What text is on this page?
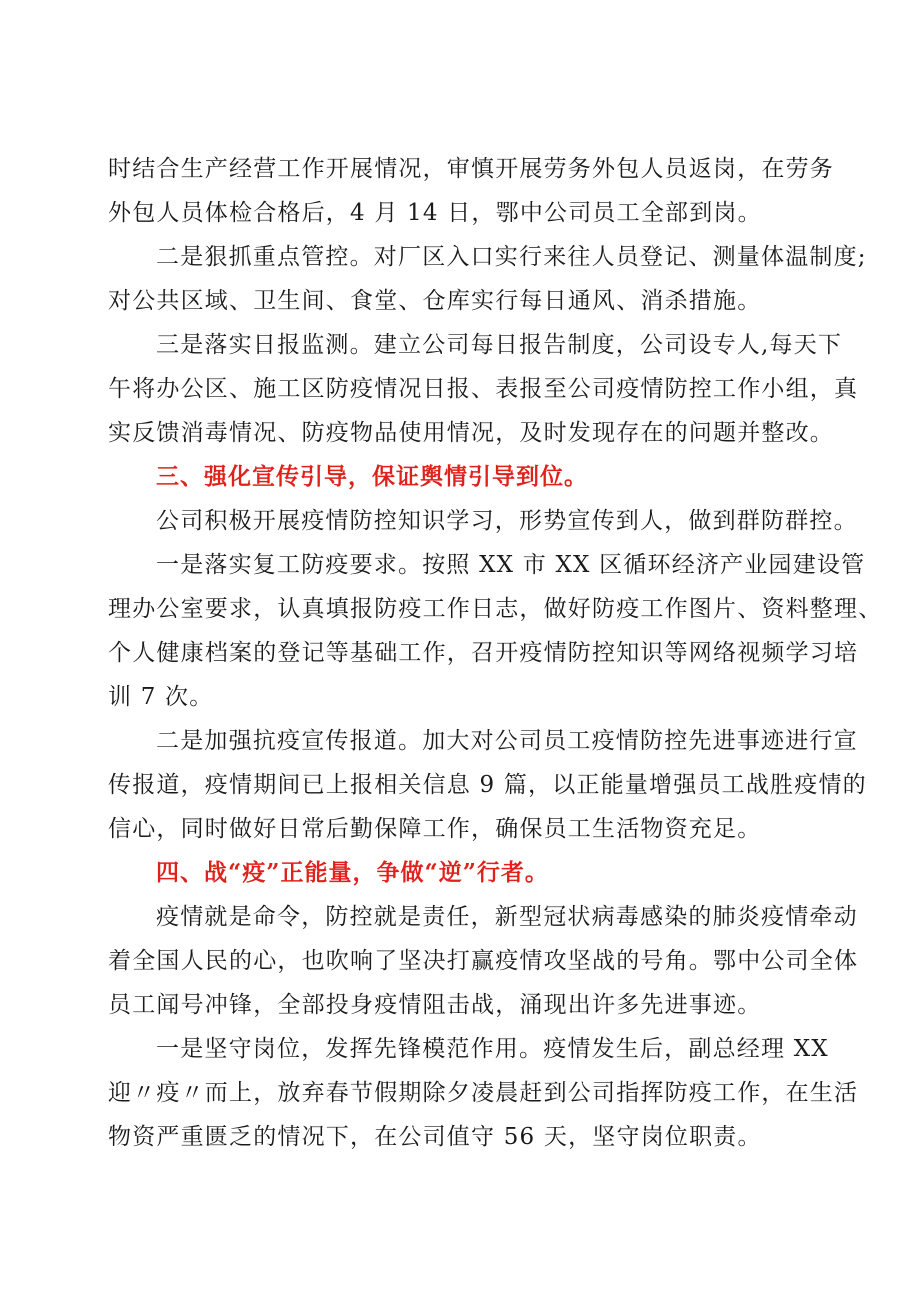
时结合生产经营工作开展情况，审慎开展劳务外包人员返岗，在劳务
外包人员体检合格后，4 月 14 日，鄂中公司员工全部到岗。
二是狠抓重点管控。对厂区入口实行来往人员登记、测量体温制度;
对公共区域、卫生间、食堂、仓库实行每日通风、消杀措施。
三是落实日报监测。建立公司每日报告制度，公司设专人,每天下
午将办公区、施工区防疫情况日报、表报至公司疫情防控工作小组，真
实反馈消毒情况、防疫物品使用情况，及时发现存在的问题并整改。
三、强化宣传引导，保证舆情引导到位。
公司积极开展疫情防控知识学习，形势宣传到人，做到群防群控。
一是落实复工防疫要求。按照 XX 市 XX 区循环经济产业园建设管
理办公室要求，认真填报防疫工作日志，做好防疫工作图片、资料整理、
个人健康档案的登记等基础工作，召开疫情防控知识等网络视频学习培
训 7 次。
二是加强抗疫宣传报道。加大对公司员工疫情防控先进事迹进行宣
传报道，疫情期间已上报相关信息 9 篇，以正能量增强员工战胜疫情的
信心，同时做好日常后勤保障工作，确保员工生活物资充足。
四、战“疫”正能量，争做“逆”行者。
疫情就是命令，防控就是责任，新型冠状病毒感染的肺炎疫情牵动
着全国人民的心，也吹响了坚决打赢疫情攻坚战的号角。鄂中公司全体
员工闻号冲锋，全部投身疫情阻击战，涌现出许多先进事迹。
一是坚守岗位，发挥先锋模范作用。疫情发生后，副总经理 XX
迎〃疫〃而上，放弃春节假期除夕凌晨赶到公司指挥防疫工作，在生活
物资严重匮乏的情况下，在公司值守 56 天，坚守岗位职责。
